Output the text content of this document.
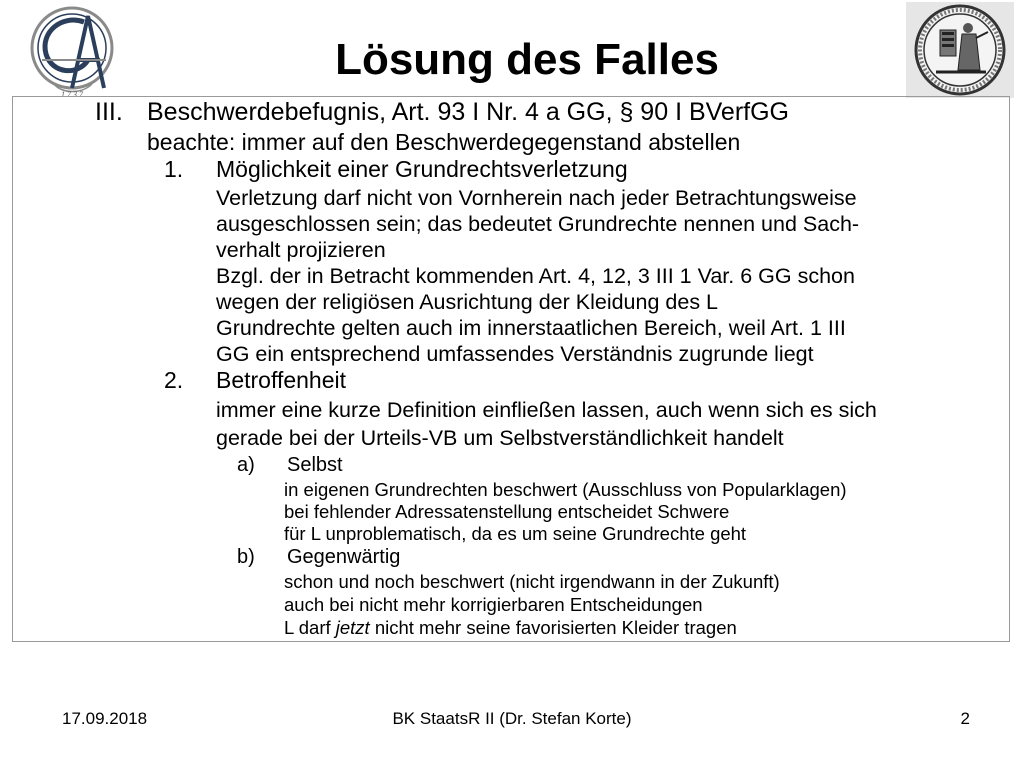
1 7 3 7
Lösung des Falles
III. Beschwerdebefugnis, Art. 93 I Nr. 4 a GG, § 90 I BVerfGG
beachte: immer auf den Beschwerdegegenstand abstellen
1. Möglichkeit einer Grundrechtsverletzung
Verletzung darf nicht von Vornherein nach jeder Betrachtungsweise
ausgeschlossen sein; das bedeutet Grundrechte nennen und Sach-
verhalt projizieren
Bzgl. der in Betracht kommenden Art. 4, 12, 3 III 1 Var. 6 GG schon
wegen der religiösen Ausrichtung der Kleidung des L
Grundrechte gelten auch im innerstaatlichen Bereich, weil Art. 1 III
GG ein entsprechend umfassendes Verständnis zugrunde liegt
2. Betroffenheit
immer eine kurze Definition einfließen lassen, auch wenn sich es sich
gerade bei der Urteils-VB um Selbstverständlichkeit handelt
a) Selbst
in eigenen Grundrechten beschwert (Ausschluss von Popularklagen)
bei fehlender Adressatenstellung entscheidet Schwere
für L unproblematisch, da es um seine Grundrechte geht
b) Gegenwärtig
schon und noch beschwert (nicht irgendwann in der Zukunft)
auch bei nicht mehr korrigierbaren Entscheidungen
L darf jetzt nicht mehr seine favorisierten Kleider tragen
17.09.2018	BK StaatsR II (Dr. Stefan Korte)	2
